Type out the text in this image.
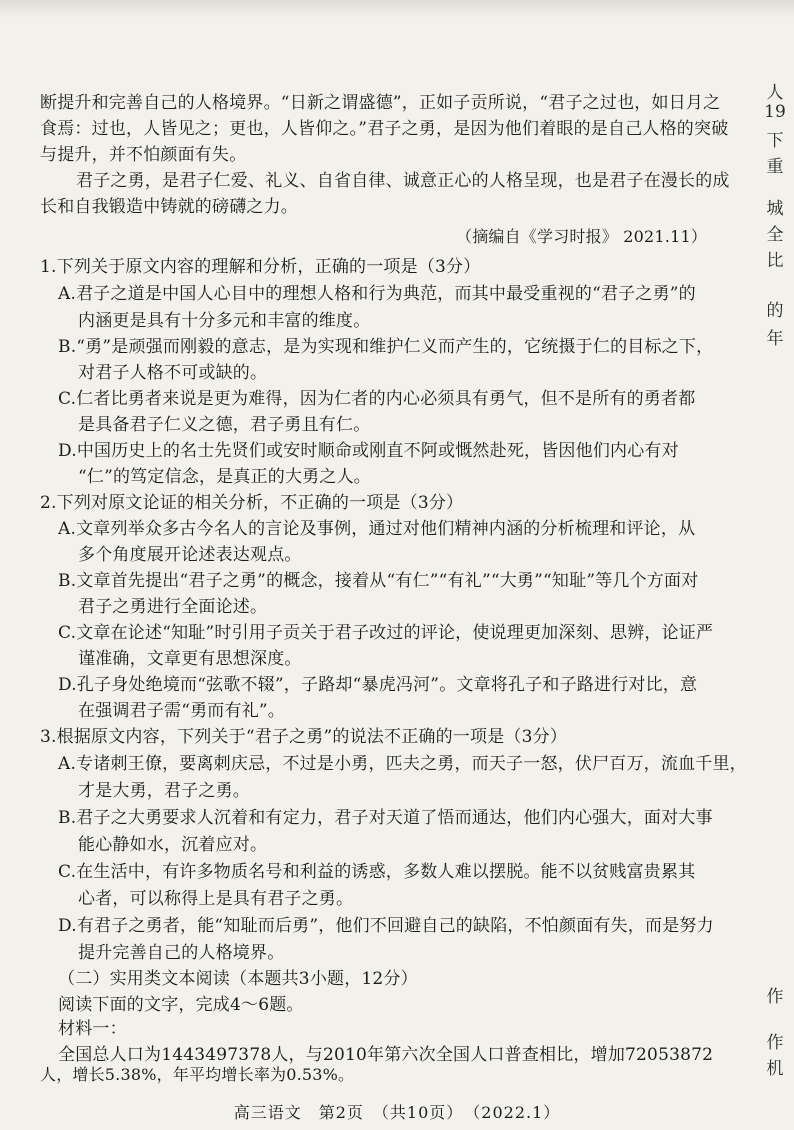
断提升和完善自己的人格境界。“日新之谓盛德”，正如子贡所说，“君子之过也，如日月之
食焉：过也，人皆见之；更也，人皆仰之。”君子之勇，是因为他们着眼的是自己人格的突破
与提升，并不怕颜面有失。
君子之勇，是君子仁爱、礼义、自省自律、诚意正心的人格呈现，也是君子在漫长的成
长和自我锻造中铸就的磅礴之力。
（摘编自《学习时报》 2021.11）
1.下列关于原文内容的理解和分析，正确的一项是（3分）
A.君子之道是中国人心目中的理想人格和行为典范，而其中最受重视的“君子之勇”的
内涵更是具有十分多元和丰富的维度。
B.“勇”是顽强而刚毅的意志，是为实现和维护仁义而产生的，它统摄于仁的目标之下，
对君子人格不可或缺的。
C.仁者比勇者来说是更为难得，因为仁者的内心必须具有勇气，但不是所有的勇者都
是具备君子仁义之德，君子勇且有仁。
D.中国历史上的名士先贤们或安时顺命或刚直不阿或慨然赴死，皆因他们内心有对
“仁”的笃定信念，是真正的大勇之人。
2.下列对原文论证的相关分析，不正确的一项是（3分）
A.文章列举众多古今名人的言论及事例，通过对他们精神内涵的分析梳理和评论，从
多个角度展开论述表达观点。
B.文章首先提出“君子之勇”的概念，接着从“有仁”“有礼”“大勇”“知耻”等几个方面对
君子之勇进行全面论述。
C.文章在论述“知耻”时引用子贡关于君子改过的评论，使说理更加深刻、思辨，论证严
谨准确，文章更有思想深度。
D.孔子身处绝境而“弦歌不辍”，子路却“暴虎冯河”。文章将孔子和子路进行对比，意
在强调君子需“勇而有礼”。
3.根据原文内容，下列关于“君子之勇”的说法不正确的一项是（3分）
A.专诸刺王僚，要离刺庆忌，不过是小勇，匹夫之勇，而天子一怒，伏尸百万，流血千里，
才是大勇，君子之勇。
B.君子之大勇要求人沉着和有定力，君子对天道了悟而通达，他们内心强大，面对大事
能心静如水，沉着应对。
C.在生活中，有许多物质名号和利益的诱惑，多数人难以摆脱。能不以贫贱富贵累其
心者，可以称得上是具有君子之勇。
D.有君子之勇者，能“知耻而后勇”，他们不回避自己的缺陷，不怕颜面有失，而是努力
提升完善自己的人格境界。
（二）实用类文本阅读（本题共3小题，12分）
阅读下面的文字，完成4～6题。
材料一：
全国总人口为1443497378人，与2010年第六次全国人口普查相比，增加72053872
人，增长5.38%，年平均增长率为0.53%。
高三语文　第2页　（共10页）　（2022.1）
人
19
下
重
城
全
比
的
年
作
作
机
